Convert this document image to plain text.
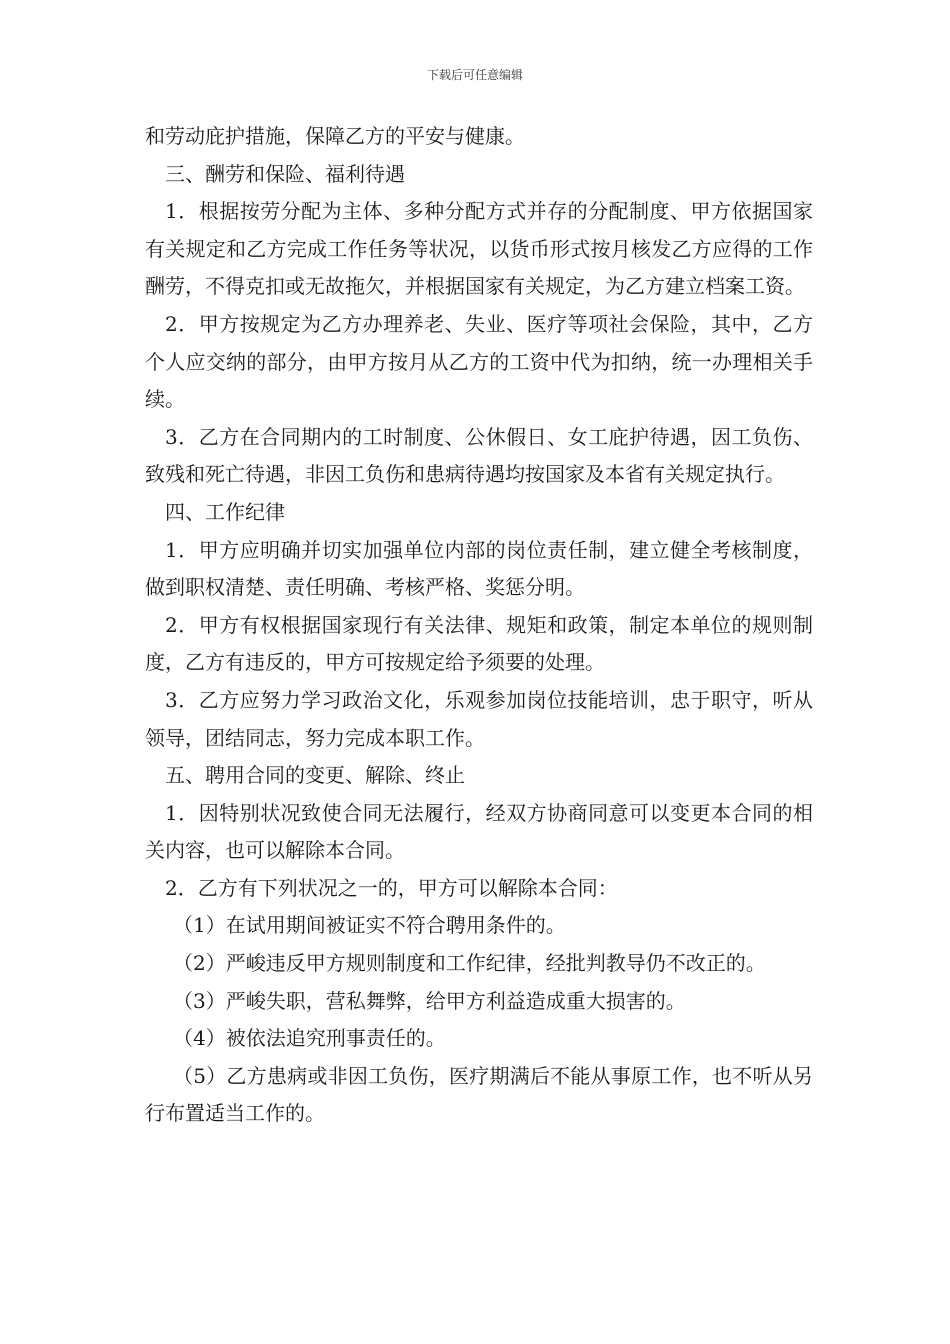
下载后可任意编辑

和劳动庇护措施，保障乙方的平安与健康。

三、酬劳和保险、福利待遇

1．根据按劳分配为主体、多种分配方式并存的分配制度、甲方依据国家有关规定和乙方完成工作任务等状况，以货币形式按月核发乙方应得的工作酬劳，不得克扣或无故拖欠，并根据国家有关规定，为乙方建立档案工资。

2．甲方按规定为乙方办理养老、失业、医疗等项社会保险，其中，乙方个人应交纳的部分，由甲方按月从乙方的工资中代为扣纳，统一办理相关手续。

3．乙方在合同期内的工时制度、公休假日、女工庇护待遇，因工负伤、致残和死亡待遇，非因工负伤和患病待遇均按国家及本省有关规定执行。

四、工作纪律

1．甲方应明确并切实加强单位内部的岗位责任制，建立健全考核制度，做到职权清楚、责任明确、考核严格、奖惩分明。

2．甲方有权根据国家现行有关法律、规矩和政策，制定本单位的规则制度，乙方有违反的，甲方可按规定给予须要的处理。

3．乙方应努力学习政治文化，乐观参加岗位技能培训，忠于职守，听从领导，团结同志，努力完成本职工作。

五、聘用合同的变更、解除、终止

1．因特别状况致使合同无法履行，经双方协商同意可以变更本合同的相关内容，也可以解除本合同。

2．乙方有下列状况之一的，甲方可以解除本合同：

（1）在试用期间被证实不符合聘用条件的。

（2）严峻违反甲方规则制度和工作纪律，经批判教导仍不改正的。

（3）严峻失职，营私舞弊，给甲方利益造成重大损害的。

（4）被依法追究刑事责任的。

（5）乙方患病或非因工负伤，医疗期满后不能从事原工作，也不听从另行布置适当工作的。
